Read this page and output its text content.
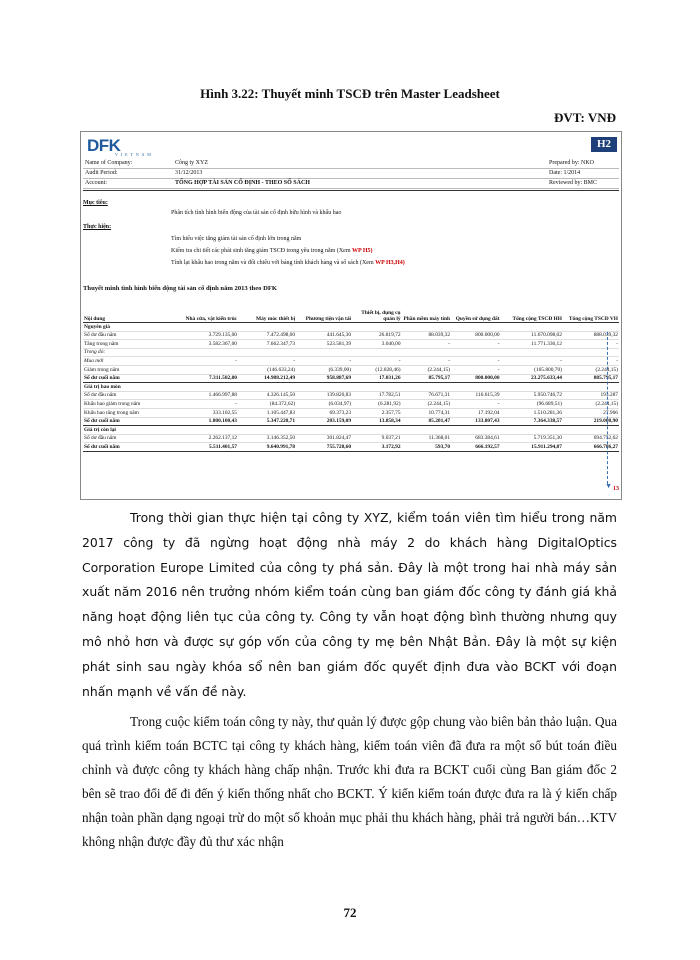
Hình 3.22: Thuyết minh TSCĐ trên Master Leadsheet
ĐVT: VNĐ
DFK
V I E T N A M
H2
Name of Company:	Công ty XYZ	Prepared by: NKO
Audit Period:	31/12/2013	Date: 1/2014
Account:	TỔNG HỢP TÀI SẢN CỐ ĐỊNH - THEO SỔ SÁCH	Reviewed by: BMC
Mục tiêu:
Phân tích tình hình biến động của tài sản cố định hữu hình và khấu hao
Thực hiện:
Tìm hiểu việc tăng giảm tài sản cố định lớn trong năm
Kiểm tra chi tiết các phát sinh tăng giảm TSCĐ trong yêu trong năm (Xem WP H5)
Tính lại khấu hao trong năm và đối chiếu với bảng tính khách hàng và sổ sách (Xem WP H3,H4)
Thuyết minh tình hình biến động tài sản cố định năm 2013 theo DFK
Nội dung	Nhà cửa, vật kiến trúc	Máy móc thiết bị	Phương tiện vận tải	Thiết bị, dụng cụ quản lý	Phần mềm máy tính	Quyền sử dụng đất	Tổng cộng TSCĐ HH	Tổng cộng TSCĐ VH
Nguyên giá								
Số dư đầu năm	3.729.135,00	7.472.498,00	441.645,30	26.819,72	88.039,32	800.000,00	11.670.098,02	888.039,32
Tăng trong năm	3.582.367,00	7.662.347,73	523.581,39	3.040,00	-	-	11.771.336,12	-
Trong đó:								
Mua mới	-	-	-	-	-	-	-	-
Giảm trong năm		(146.633,24)	(6.339,00)	(12.828,46)	(2.244,15)	-	(165.800,70)	(2.244,15)
Số dư cuối năm	7.311.502,00	14.988.212,49	958.887,69	17.031,26	85.795,17	800.000,00	23.275.633,44	885.795,17
Giá trị hao mòn								
Số dư đầu năm	1.466.997,88	4.326.145,50	139.820,83	17.782,51	76.671,31	116.615,39	5.950.746,72	193.287
Khấu hao giảm trong năm	-	(84.372,62)	(6.034,97)	(6.281,92)	(2.244,15)	-	(96.689,51)	(2.244,15)
Khấu hao tăng trong năm	333.102,55	1.105.447,83	69.373,23	2.357,75	10.774,31	17.192,04	1.510.281,36	27.966
Số dư cuối năm	1.800.100,43	5.347.220,71	203.159,09	13.858,34	85.201,47	133.807,43	7.364.338,57	219.008,90
Giá trị còn lại								
Số dư đầu năm	2.262.137,12	3.146.352,50	301.824,47	9.037,21	11.368,01	683.384,61	5.719.351,30	694.752,62
Số dư cuối năm	5.511.401,57	9.640.991,78	755.728,60	3.172,92	593,70	666.192,57	15.911.294,87	666.786,27
▼ 13
Trong thời gian thực hiện tại công ty XYZ, kiểm toán viên tìm hiểu trong năm 2017 công ty đã ngừng hoạt động nhà máy 2 do khách hàng DigitalOptics Corporation Europe Limited của công ty phá sản. Đây là một trong hai nhà máy sản xuất năm 2016 nên trưởng nhóm kiểm toán cùng ban giám đốc công ty đánh giá khả năng hoạt động liên tục của công ty. Công ty vẫn hoạt động bình thường nhưng quy mô nhỏ hơn và được sự góp vốn của công ty mẹ bên Nhật Bản. Đây là một sự kiện phát sinh sau ngày khóa sổ nên ban giám đốc quyết định đưa vào BCKT với đoạn nhấn mạnh về vấn đề này.
Trong cuộc kiểm toán công ty này, thư quản lý được gộp chung vào biên bản thảo luận. Qua quá trình kiểm toán BCTC tại công ty khách hàng, kiểm toán viên đã đưa ra một số bút toán điều chỉnh và được công ty khách hàng chấp nhận. Trước khi đưa ra BCKT cuối cùng Ban giám đốc 2 bên sẽ trao đổi để đi đến ý kiến thống nhất cho BCKT. Ý kiến kiểm toán được đưa ra là ý kiến chấp nhận toàn phần dạng ngoại trừ do một số khoản mục phải thu khách hàng, phải trả người bán…KTV không nhận được đầy đủ thư xác nhận
72
